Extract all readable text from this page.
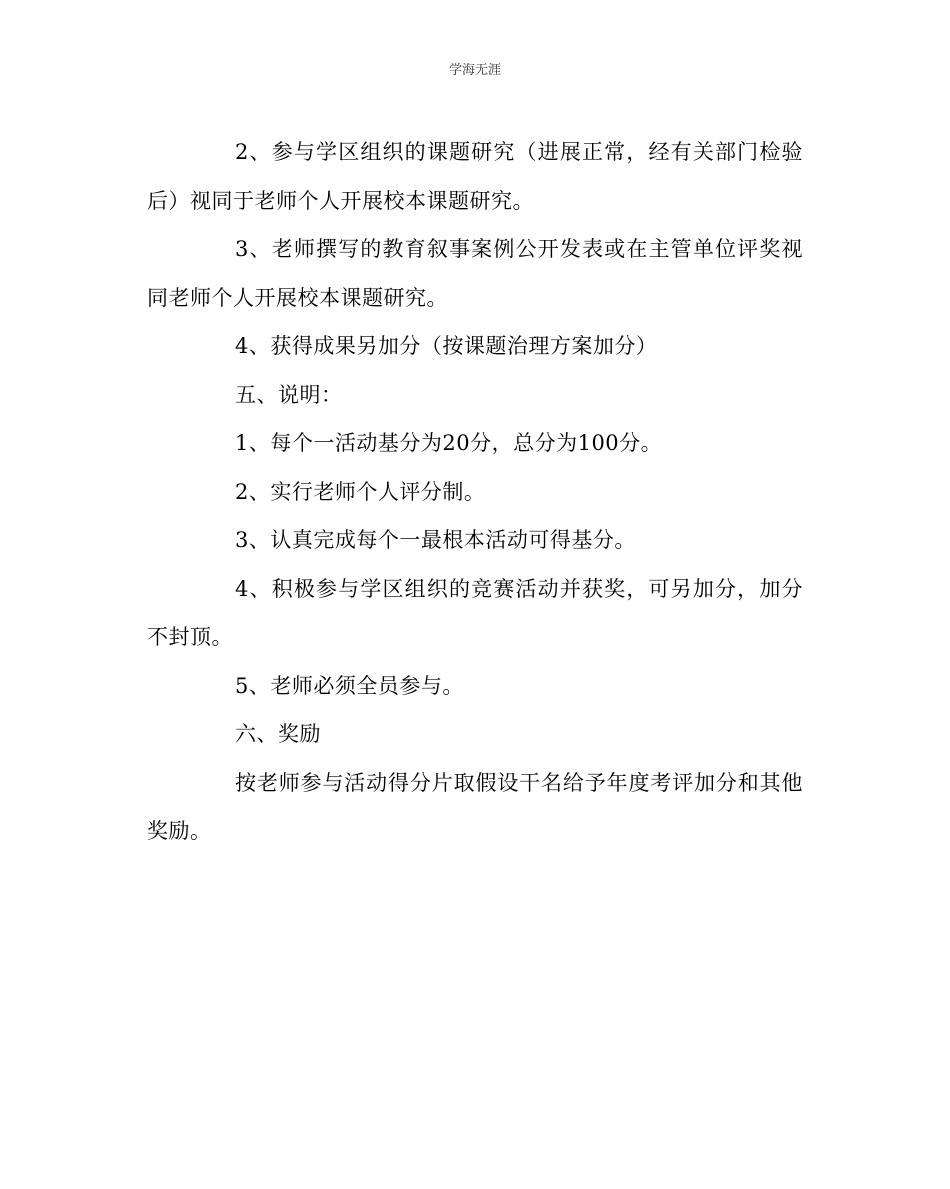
学海无涯

2、参与学区组织的课题研究（进展正常，经有关部门检验后）视同于老师个人开展校本课题研究。

3、老师撰写的教育叙事案例公开发表或在主管单位评奖视同老师个人开展校本课题研究。

4、获得成果另加分（按课题治理方案加分）

五、说明：

1、每个一活动基分为20分，总分为100分。

2、实行老师个人评分制。

3、认真完成每个一最根本活动可得基分。

4、积极参与学区组织的竞赛活动并获奖，可另加分，加分不封顶。

5、老师必须全员参与。

六、奖励

按老师参与活动得分片取假设干名给予年度考评加分和其他奖励。
